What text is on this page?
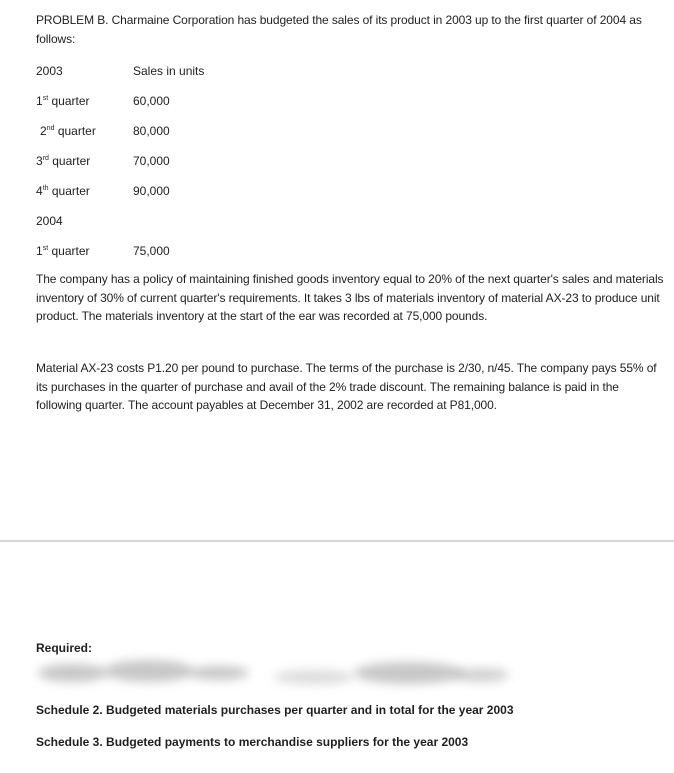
PROBLEM B. Charmaine Corporation has budgeted the sales of its product in 2003 up to the first quarter of 2004 as follows:

2003	Sales in units
1st quarter	60,000
2nd quarter	80,000
3rd quarter	70,000
4th quarter	90,000
2004
1st quarter	75,000

The company has a policy of maintaining finished goods inventory equal to 20% of the next quarter's sales and materials inventory of 30% of current quarter's requirements. It takes 3 lbs of materials inventory of material AX-23 to produce unit product. The materials inventory at the start of the ear was recorded at 75,000 pounds.

Material AX-23 costs P1.20 per pound to purchase. The terms of the purchase is 2/30, n/45. The company pays 55% of its purchases in the quarter of purchase and avail of the 2% trade discount. The remaining balance is paid in the following quarter. The account payables at December 31, 2002 are recorded at P81,000.

Required:
Schedule 2. Budgeted materials purchases per quarter and in total for the year 2003
Schedule 3. Budgeted payments to merchandise suppliers for the year 2003
